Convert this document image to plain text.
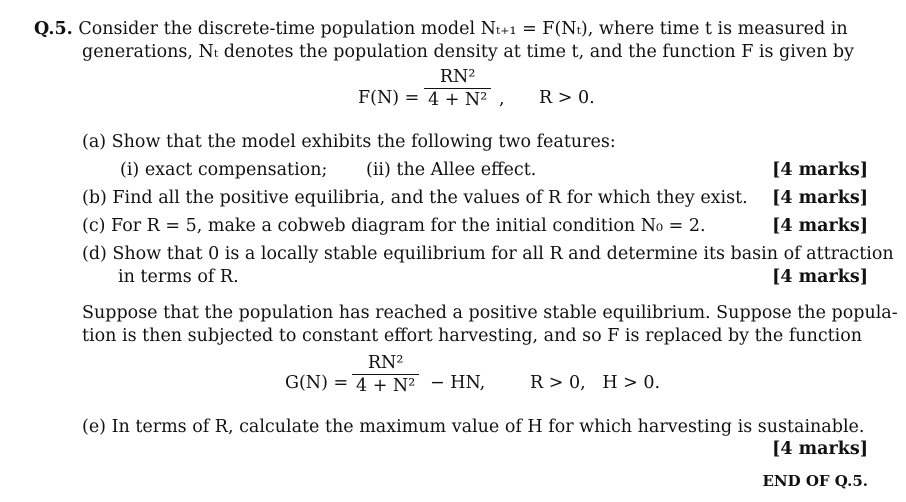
Q.5. Consider the discrete-time population model Nₜ₊₁ = F(Nₜ), where time t is measured in
generations, Nₜ denotes the population density at time t, and the function F is given by
F(N) =
RN²
4 + N² , R > 0.
(a) Show that the model exhibits the following two features:
(i) exact compensation; (ii) the Allee effect.	[4 marks]
(b) Find all the positive equilibria, and the values of R for which they exist. [4 marks]
(c) For R = 5, make a cobweb diagram for the initial condition N₀ = 2.	[4 marks]
(d) Show that 0 is a locally stable equilibrium for all R and determine its basin of attraction
in terms of R.	[4 marks]
Suppose that the population has reached a positive stable equilibrium. Suppose the popula-
tion is then subjected to constant effort harvesting, and so F is replaced by the function
G(N) =
RN²
4 + N² − HN,	R > 0,   H > 0.
(e) In terms of R, calculate the maximum value of H for which harvesting is sustainable.
[4 marks]
END OF Q.5.
